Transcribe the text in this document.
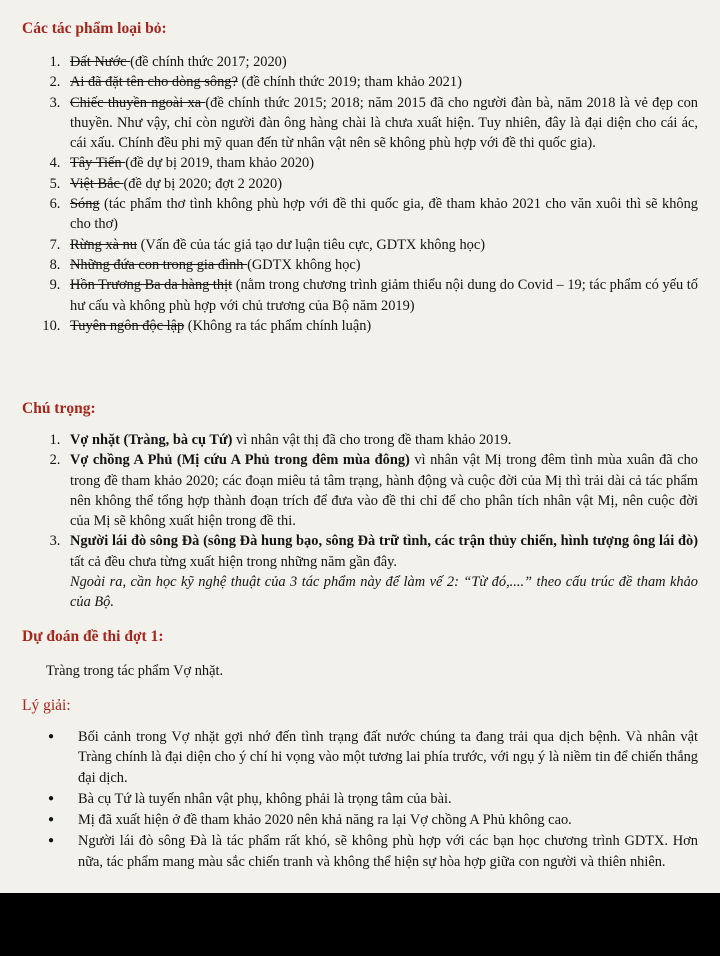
Các tác phẩm loại bỏ:
1. Đất Nước (đề chính thức 2017; 2020)
2. Ai đã đặt tên cho dòng sông? (đề chính thức 2019; tham khảo 2021)
3. Chiếc thuyền ngoài xa (đề chính thức 2015; 2018; năm 2015 đã cho người đàn bà, năm 2018 là vẻ đẹp con thuyền. Như vậy, chỉ còn người đàn ông hàng chài là chưa xuất hiện. Tuy nhiên, đây là đại diện cho cái ác, cái xấu. Chính đều phi mỹ quan đến từ nhân vật nên sẽ không phù hợp với đề thi quốc gia).
4. Tây Tiến (đề dự bị 2019, tham khảo 2020)
5. Việt Bắc (đề dự bị 2020; đợt 2 2020)
6. Sóng (tác phẩm thơ tình không phù hợp với đề thi quốc gia, đề tham khảo 2021 cho văn xuôi thì sẽ không cho thơ)
7. Rừng xà nu (Vấn đề của tác giả tạo dư luận tiêu cực, GDTX không học)
8. Những đứa con trong gia đình (GDTX không học)
9. Hồn Trương Ba da hàng thịt (nằm trong chương trình giảm thiểu nội dung do Covid – 19; tác phẩm có yếu tố hư cấu và không phù hợp với chủ trương của Bộ năm 2019)
10. Tuyên ngôn độc lập (Không ra tác phẩm chính luận)
Chú trọng:
1. Vợ nhặt (Tràng, bà cụ Tứ) vì nhân vật thị đã cho trong đề tham khảo 2019.
2. Vợ chồng A Phủ (Mị cứu A Phủ trong đêm mùa đông) vì nhân vật Mị trong đêm tình mùa xuân đã cho trong đề tham khảo 2020; các đoạn miêu tả tâm trạng, hành động và cuộc đời của Mị thì trải dài cả tác phẩm nên không thể tổng hợp thành đoạn trích để đưa vào đề thi chỉ để cho phân tích nhân vật Mị, nên cuộc đời của Mị sẽ không xuất hiện trong đề thi.
3. Người lái đò sông Đà (sông Đà hung bạo, sông Đà trữ tình, các trận thủy chiến, hình tượng ông lái đò) tất cả đều chưa từng xuất hiện trong những năm gần đây.
Ngoài ra, cần học kỹ nghệ thuật của 3 tác phẩm này để làm vế 2: “Từ đó,....” theo cấu trúc đề tham khảo của Bộ.
Dự đoán đề thi đợt 1:
Tràng trong tác phẩm Vợ nhặt.
Lý giải:
● Bối cảnh trong Vợ nhặt gợi nhớ đến tình trạng đất nước chúng ta đang trải qua dịch bệnh. Và nhân vật Tràng chính là đại diện cho ý chí hi vọng vào một tương lai phía trước, với ngụ ý là niềm tin để chiến thắng đại dịch.
● Bà cụ Tứ là tuyến nhân vật phụ, không phải là trọng tâm của bài.
● Mị đã xuất hiện ở đề tham khảo 2020 nên khả năng ra lại Vợ chồng A Phủ không cao.
● Người lái đò sông Đà là tác phẩm rất khó, sẽ không phù hợp với các bạn học chương trình GDTX. Hơn nữa, tác phẩm mang màu sắc chiến tranh và không thể hiện sự hòa hợp giữa con người và thiên nhiên.
